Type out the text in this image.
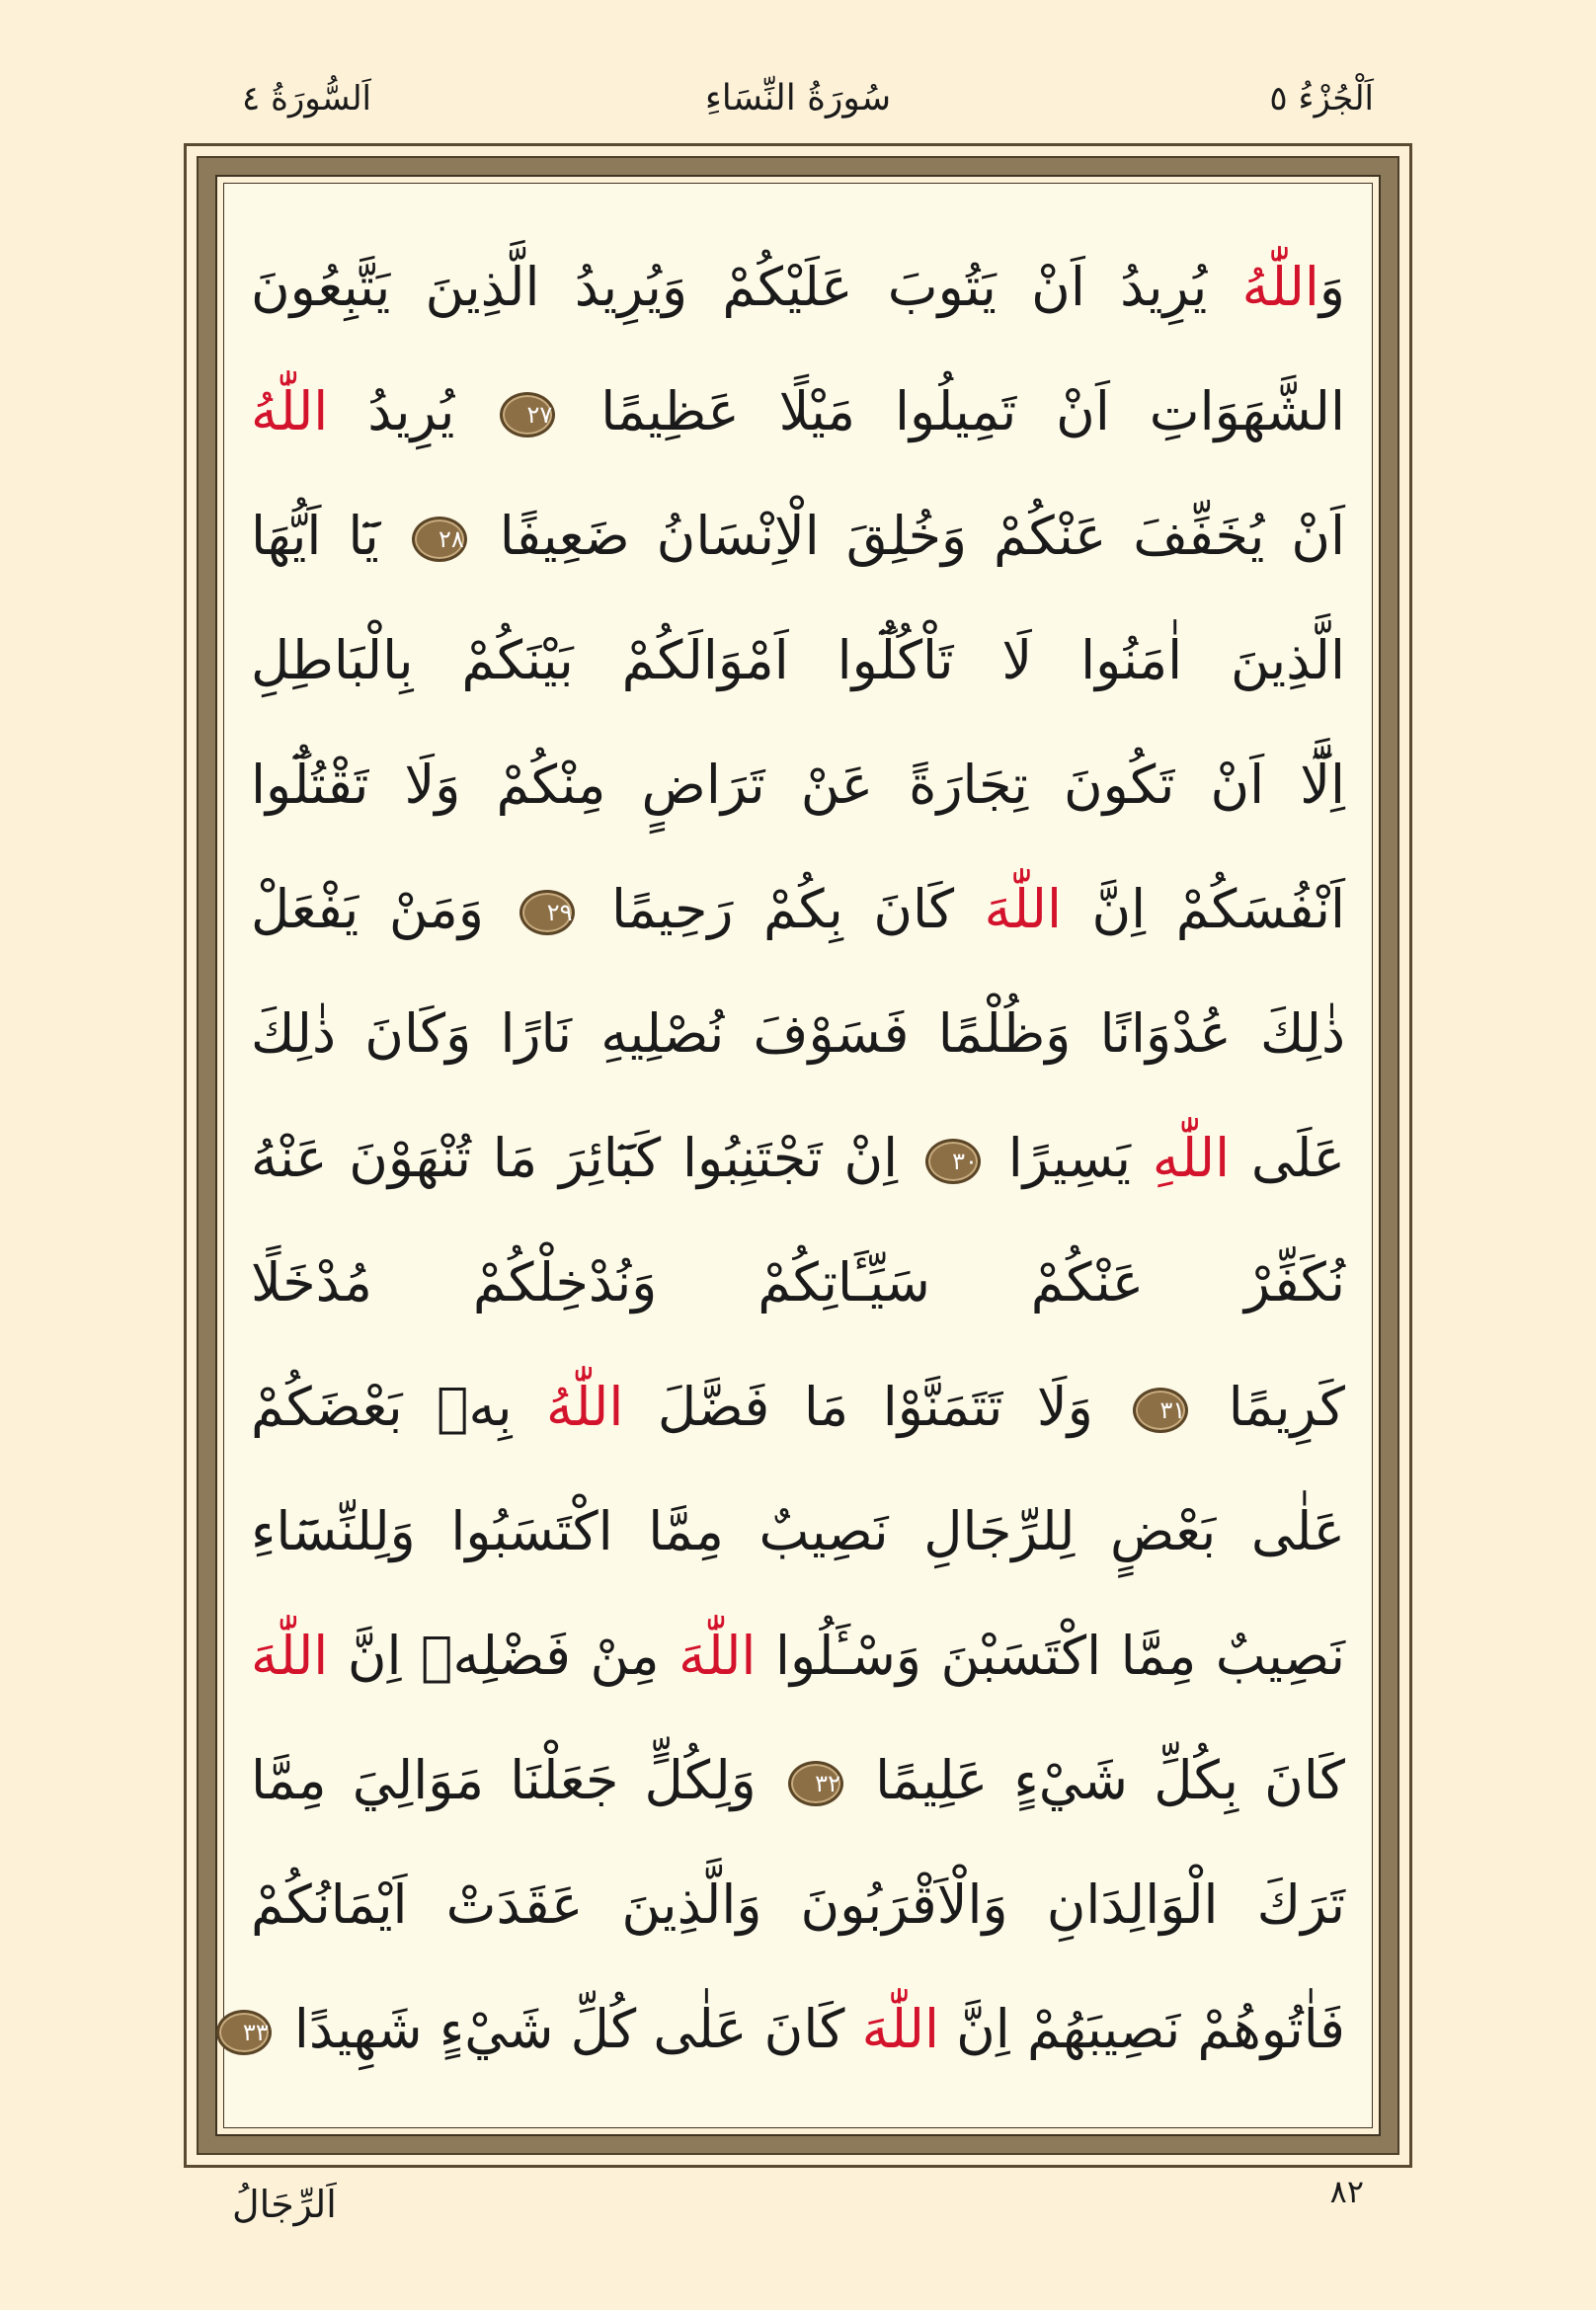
اَلْجُزْءُ ٥
سُورَةُ النِّسَاءِ
اَلسُّورَةُ ٤
وَاللّٰهُ يُرِيدُ اَنْ يَتُوبَ عَلَيْكُمْ وَيُرِيدُ الَّذِينَ يَتَّبِعُونَ
الشَّهَوَاتِ اَنْ تَمِيلُوا مَيْلًا عَظِيمًا ٢٧ يُرِيدُ اللّٰهُ
اَنْ يُخَفِّفَ عَنْكُمْ وَخُلِقَ الْاِنْسَانُ ضَعِيفًا ٢٨ يَٓا اَيُّهَا
الَّذِينَ اٰمَنُوا لَا تَاْكُلُٓوا اَمْوَالَكُمْ بَيْنَكُمْ بِالْبَاطِلِ
اِلَّٓا اَنْ تَكُونَ تِجَارَةً عَنْ تَرَاضٍ مِنْكُمْ وَلَا تَقْتُلُٓوا
اَنْفُسَكُمْ اِنَّ اللّٰهَ كَانَ بِكُمْ رَحِيمًا ٢٩ وَمَنْ يَفْعَلْ
ذٰلِكَ عُدْوَانًا وَظُلْمًا فَسَوْفَ نُصْلِيهِ نَارًا وَكَانَ ذٰلِكَ
عَلَى اللّٰهِ يَسِيرًا ٣٠ اِنْ تَجْتَنِبُوا كَبَٓائِرَ مَا تُنْهَوْنَ عَنْهُ
نُكَفِّرْ عَنْكُمْ سَيِّـَٔاتِكُمْ وَنُدْخِلْكُمْ مُدْخَلًا
كَرِيمًا ٣١ وَلَا تَتَمَنَّوْا مَا فَضَّلَ اللّٰهُ بِهٖ بَعْضَكُمْ
عَلٰى بَعْضٍ لِلرِّجَالِ نَصِيبٌ مِمَّا اكْتَسَبُوا وَلِلنِّسَٓاءِ
نَصِيبٌ مِمَّا اكْتَسَبْنَ وَسْـَٔلُوا اللّٰهَ مِنْ فَضْلِهٖ اِنَّ اللّٰهَ
كَانَ بِكُلِّ شَيْءٍ عَلِيمًا ٣٢ وَلِكُلٍّ جَعَلْنَا مَوَالِيَ مِمَّا
تَرَكَ الْوَالِدَانِ وَالْاَقْرَبُونَ وَالَّذِينَ عَقَدَتْ اَيْمَانُكُمْ
فَاٰتُوهُمْ نَصِيبَهُمْ اِنَّ اللّٰهَ كَانَ عَلٰى كُلِّ شَيْءٍ شَهِيدًا ٣٣
اَلرِّجَالُ	٨٢
